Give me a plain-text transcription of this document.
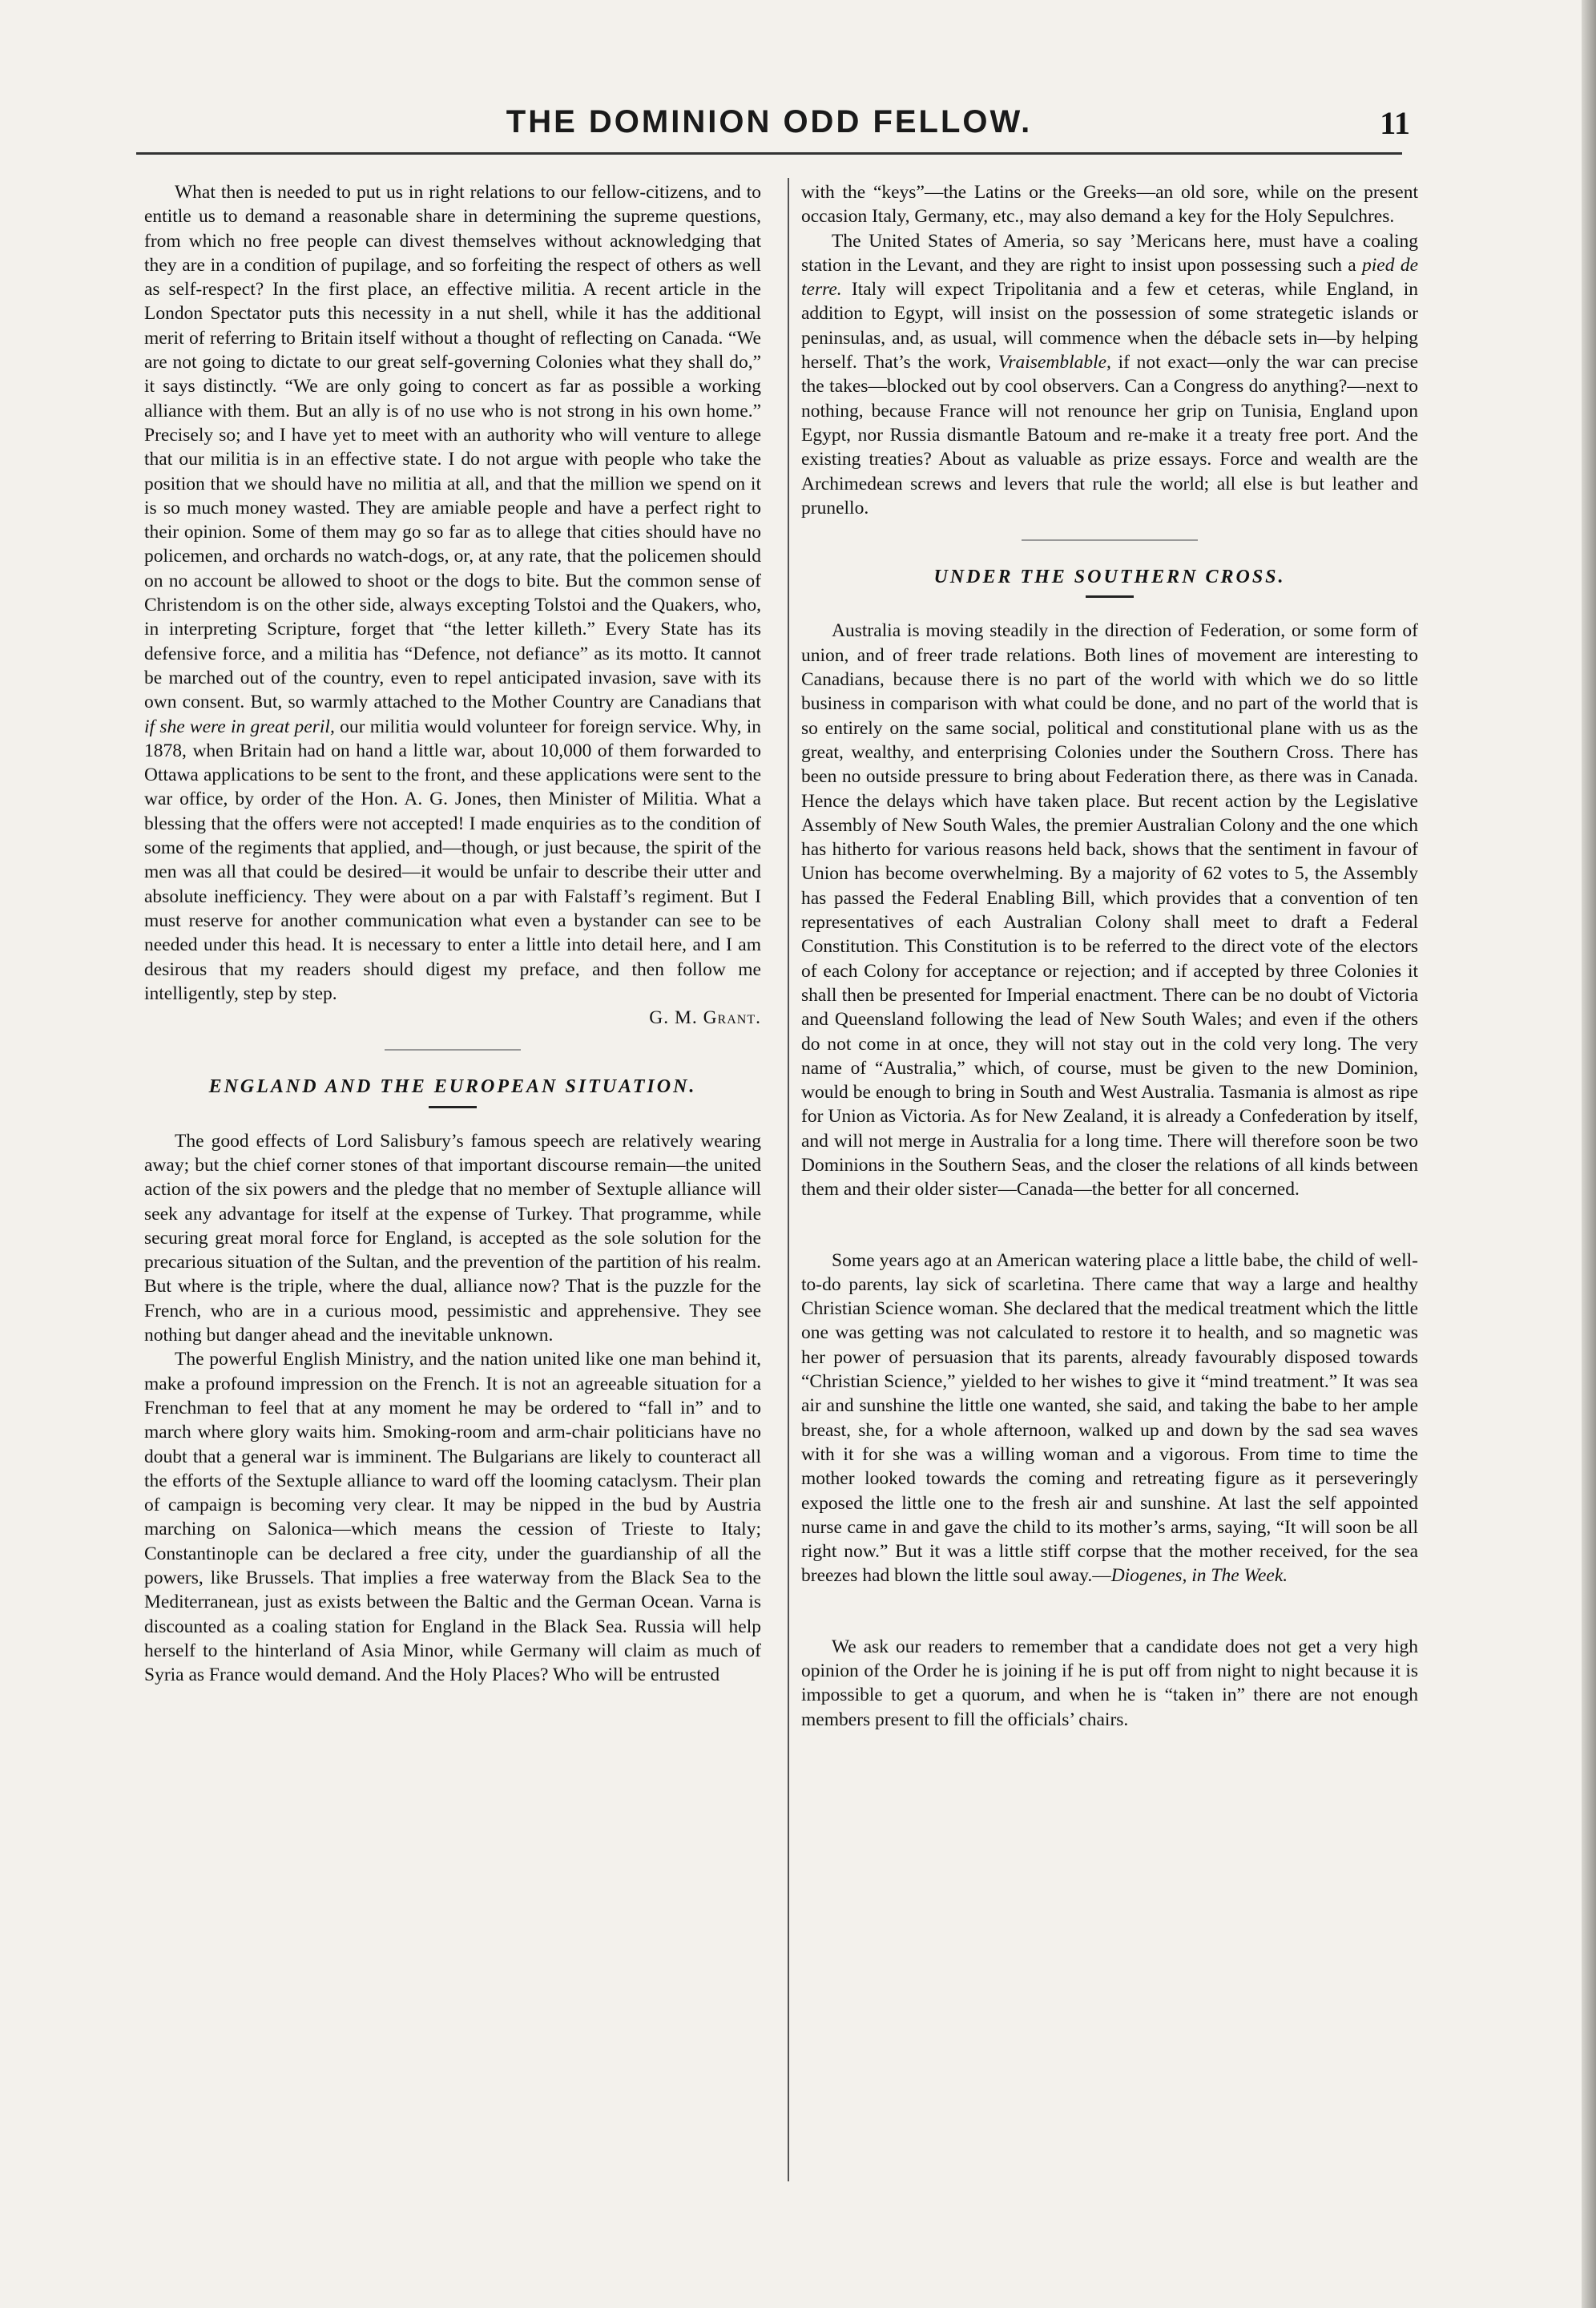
THE DOMINION ODD FELLOW.	11

What then is needed to put us in right relations to our fellow-citizens, and to entitle us to demand a reasonable share in determining the supreme questions, from which no free people can divest themselves without acknowledging that they are in a condition of pupilage, and so forfeiting the respect of others as well as self-respect? In the first place, an effective militia. A recent article in the London Spectator puts this necessity in a nut shell, while it has the additional merit of referring to Britain itself without a thought of reflecting on Canada. “We are not going to dictate to our great self-governing Colonies what they shall do,” it says distinctly. “We are only going to concert as far as possible a working alliance with them. But an ally is of no use who is not strong in his own home.” Precisely so; and I have yet to meet with an authority who will venture to allege that our militia is in an effective state. I do not argue with people who take the position that we should have no militia at all, and that the million we spend on it is so much money wasted. They are amiable people and have a perfect right to their opinion. Some of them may go so far as to allege that cities should have no policemen, and orchards no watch-dogs, or, at any rate, that the policemen should on no account be allowed to shoot or the dogs to bite. But the common sense of Christendom is on the other side, always excepting Tolstoi and the Quakers, who, in interpreting Scripture, forget that “the letter killeth.” Every State has its defensive force, and a militia has “Defence, not defiance” as its motto. It cannot be marched out of the country, even to repel anticipated invasion, save with its own consent. But, so warmly attached to the Mother Country are Canadians that if she were in great peril, our militia would volunteer for foreign service. Why, in 1878, when Britain had on hand a little war, about 10,000 of them forwarded to Ottawa applications to be sent to the front, and these applications were sent to the war office, by order of the Hon. A. G. Jones, then Minister of Militia. What a blessing that the offers were not accepted! I made enquiries as to the condition of some of the regiments that applied, and—though, or just because, the spirit of the men was all that could be desired—it would be unfair to describe their utter and absolute inefficiency. They were about on a par with Falstaff’s regiment. But I must reserve for another communication what even a bystander can see to be needed under this head. It is necessary to enter a little into detail here, and I am desirous that my readers should digest my preface, and then follow me intelligently, step by step.

G. M. Grant.

ENGLAND AND THE EUROPEAN SITUATION.

The good effects of Lord Salisbury’s famous speech are relatively wearing away; but the chief corner stones of that important discourse remain—the united action of the six powers and the pledge that no member of Sextuple alliance will seek any advantage for itself at the expense of Turkey. That programme, while securing great moral force for England, is accepted as the sole solution for the precarious situation of the Sultan, and the prevention of the partition of his realm. But where is the triple, where the dual, alliance now? That is the puzzle for the French, who are in a curious mood, pessimistic and apprehensive. They see nothing but danger ahead and the inevitable unknown.

The powerful English Ministry, and the nation united like one man behind it, make a profound impression on the French. It is not an agreeable situation for a Frenchman to feel that at any moment he may be ordered to “fall in” and to march where glory waits him. Smoking-room and arm-chair politicians have no doubt that a general war is imminent. The Bulgarians are likely to counteract all the efforts of the Sextuple alliance to ward off the looming cataclysm. Their plan of campaign is becoming very clear. It may be nipped in the bud by Austria marching on Salonica—which means the cession of Trieste to Italy; Constantinople can be declared a free city, under the guardianship of all the powers, like Brussels. That implies a free waterway from the Black Sea to the Mediterranean, just as exists between the Baltic and the German Ocean. Varna is discounted as a coaling station for England in the Black Sea. Russia will help herself to the hinterland of Asia Minor, while Germany will claim as much of Syria as France would demand. And the Holy Places? Who will be entrusted

with the “keys”—the Latins or the Greeks—an old sore, while on the present occasion Italy, Germany, etc., may also demand a key for the Holy Sepulchres.

The United States of Ameria, so say ’Mericans here, must have a coaling station in the Levant, and they are right to insist upon possessing such a pied de terre. Italy will expect Tripolitania and a few et ceteras, while England, in addition to Egypt, will insist on the possession of some strategetic islands or peninsulas, and, as usual, will commence when the débacle sets in—by helping herself. That’s the work, Vraisemblable, if not exact—only the war can precise the takes—blocked out by cool observers. Can a Congress do anything?—next to nothing, because France will not renounce her grip on Tunisia, England upon Egypt, nor Russia dismantle Batoum and re-make it a treaty free port. And the existing treaties? About as valuable as prize essays. Force and wealth are the Archimedean screws and levers that rule the world; all else is but leather and prunello.

UNDER THE SOUTHERN CROSS.

Australia is moving steadily in the direction of Federation, or some form of union, and of freer trade relations. Both lines of movement are interesting to Canadians, because there is no part of the world with which we do so little business in comparison with what could be done, and no part of the world that is so entirely on the same social, political and constitutional plane with us as the great, wealthy, and enterprising Colonies under the Southern Cross. There has been no outside pressure to bring about Federation there, as there was in Canada. Hence the delays which have taken place. But recent action by the Legislative Assembly of New South Wales, the premier Australian Colony and the one which has hitherto for various reasons held back, shows that the sentiment in favour of Union has become overwhelming. By a majority of 62 votes to 5, the Assembly has passed the Federal Enabling Bill, which provides that a convention of ten representatives of each Australian Colony shall meet to draft a Federal Constitution. This Constitution is to be referred to the direct vote of the electors of each Colony for acceptance or rejection; and if accepted by three Colonies it shall then be presented for Imperial enactment. There can be no doubt of Victoria and Queensland following the lead of New South Wales; and even if the others do not come in at once, they will not stay out in the cold very long. The very name of “Australia,” which, of course, must be given to the new Dominion, would be enough to bring in South and West Australia. Tasmania is almost as ripe for Union as Victoria. As for New Zealand, it is already a Confederation by itself, and will not merge in Australia for a long time. There will therefore soon be two Dominions in the Southern Seas, and the closer the relations of all kinds between them and their older sister—Canada—the better for all concerned.

Some years ago at an American watering place a little babe, the child of well-to-do parents, lay sick of scarletina. There came that way a large and healthy Christian Science woman. She declared that the medical treatment which the little one was getting was not calculated to restore it to health, and so magnetic was her power of persuasion that its parents, already favourably disposed towards “Christian Science,” yielded to her wishes to give it “mind treatment.” It was sea air and sunshine the little one wanted, she said, and taking the babe to her ample breast, she, for a whole afternoon, walked up and down by the sad sea waves with it for she was a willing woman and a vigorous. From time to time the mother looked towards the coming and retreating figure as it perseveringly exposed the little one to the fresh air and sunshine. At last the self appointed nurse came in and gave the child to its mother’s arms, saying, “It will soon be all right now.” But it was a little stiff corpse that the mother received, for the sea breezes had blown the little soul away.—Diogenes, in The Week.

We ask our readers to remember that a candidate does not get a very high opinion of the Order he is joining if he is put off from night to night because it is impossible to get a quorum, and when he is “taken in” there are not enough members present to fill the officials’ chairs.
